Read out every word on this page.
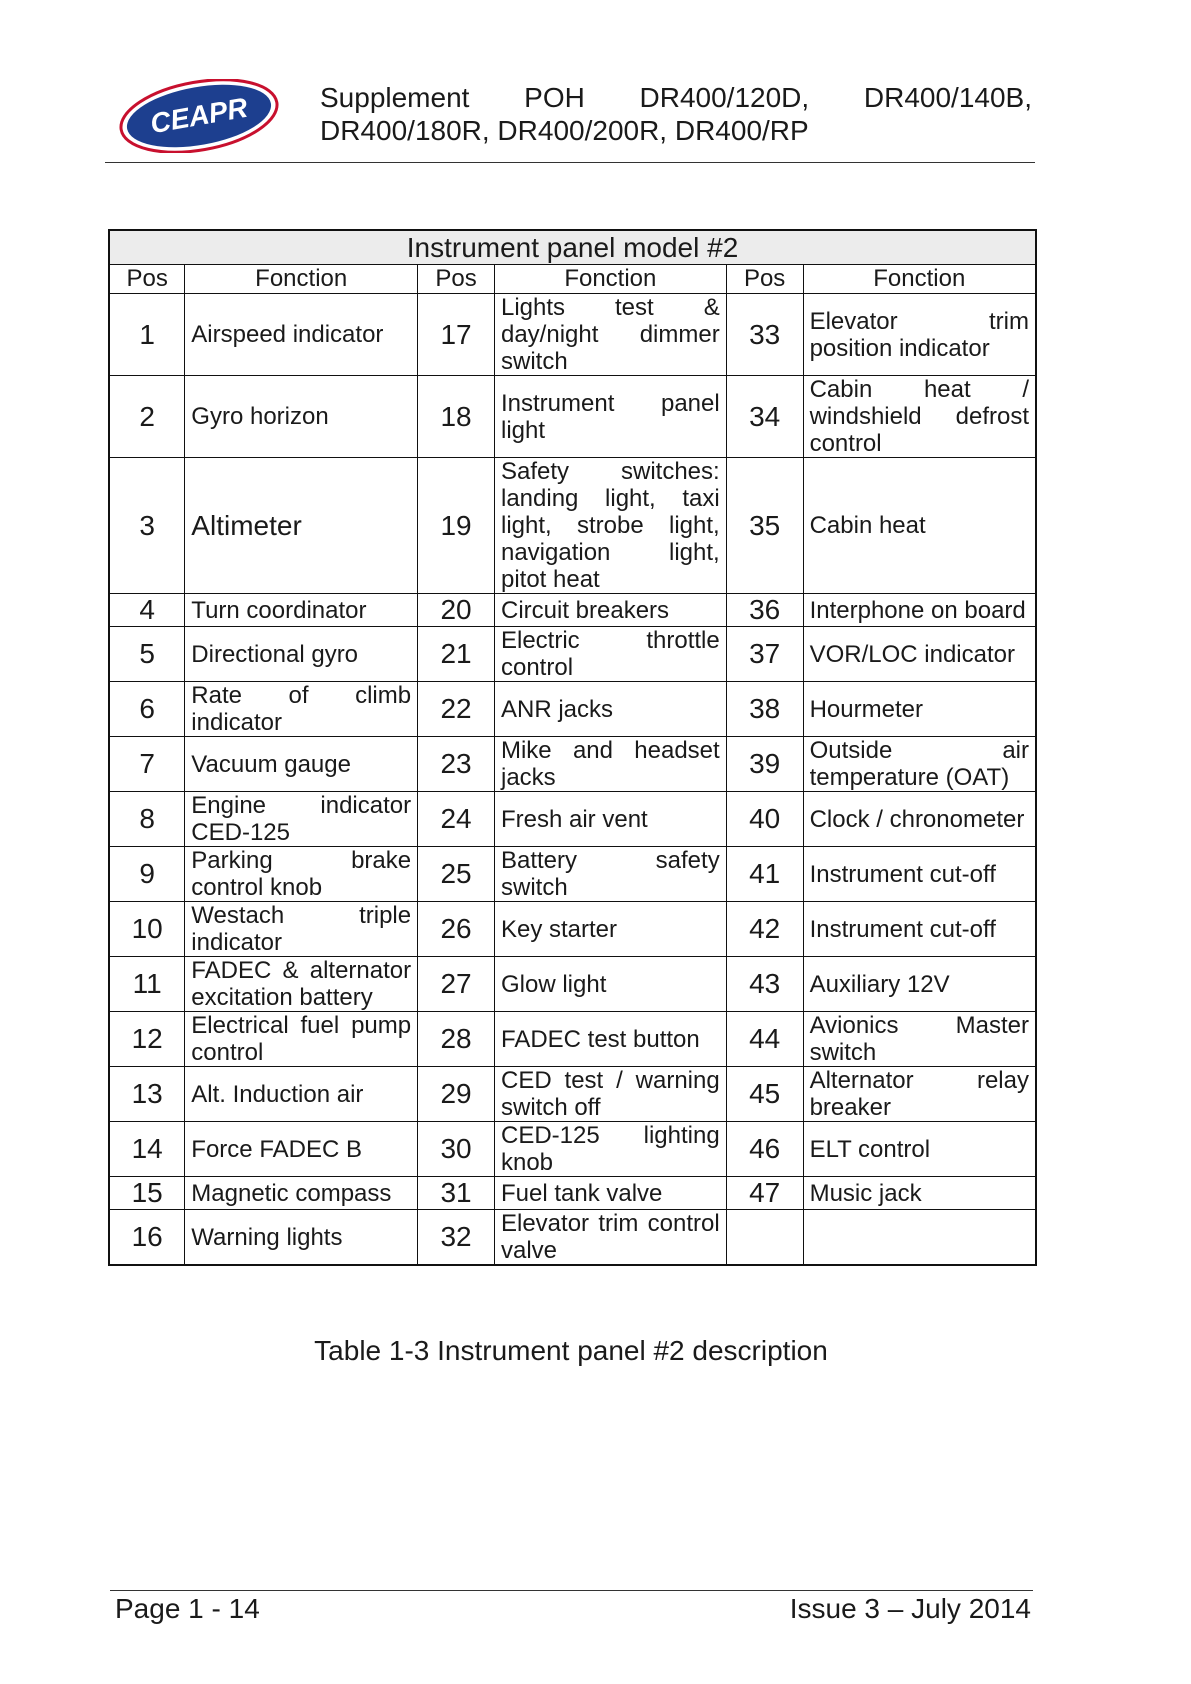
CEAPR	Supplement POH DR400/120D, DR400/140B, DR400/180R, DR400/200R, DR400/RP
Instrument panel model #2					
Pos	Fonction	Pos	Fonction	Pos	Fonction
1	Airspeed indicator	17	Lights test & day/night dimmer switch	33	Elevator trim position indicator
2	Gyro horizon	18	Instrument panel light	34	Cabin heat / windshield defrost control
3	Altimeter	19	Safety switches: landing light, taxi light, strobe light, navigation light, pitot heat	35	Cabin heat
4	Turn coordinator	20	Circuit breakers	36	Interphone on board
5	Directional gyro	21	Electric throttle control	37	VOR/LOC indicator
6	Rate of climb indicator	22	ANR jacks	38	Hourmeter
7	Vacuum gauge	23	Mike and headset jacks	39	Outside air temperature (OAT)
8	Engine indicator CED-125	24	Fresh air vent	40	Clock / chronometer
9	Parking brake control knob	25	Battery safety switch	41	Instrument cut-off
10	Westach triple indicator	26	Key starter	42	Instrument cut-off
11	FADEC & alternator excitation battery	27	Glow light	43	Auxiliary 12V
12	Electrical fuel pump control	28	FADEC test button	44	Avionics Master switch
13	Alt. Induction air	29	CED test / warning switch off	45	Alternator relay breaker
14	Force FADEC B	30	CED-125 lighting knob	46	ELT control
15	Magnetic compass	31	Fuel tank valve	47	Music jack
16	Warning lights	32	Elevator trim control valve		
Table 1-3 Instrument panel #2 description
Page 1 - 14	Issue 3 – July 2014
